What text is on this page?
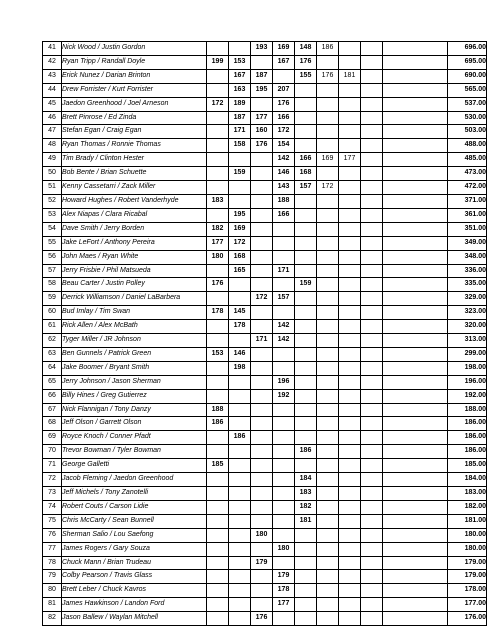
41	Nick Wood / Justin Gordon			193	169	148	186				696.00
42	Ryan Tripp / Randall Doyle	199	153		167	176					695.00
43	Erick Nunez / Darian Brinton		167	187		155	176	181			690.00
44	Drew Forrister / Kurt Forrister		163	195	207						565.00
45	Jaedon Greenhood / Joel Arneson	172	189		176						537.00
46	Brett Pinrose / Ed Zinda		187	177	166						530.00
47	Stefan Egan / Craig Egan		171	160	172						503.00
48	Ryan Thomas / Ronnie Thomas		158	176	154						488.00
49	Tim Brady / Clinton Hester				142	166	169	177			485.00
50	Bob Bente / Brian Schuette		159		146	168					473.00
51	Kenny Cassetarri / Zack Miller				143	157	172				472.00
52	Howard Hughes / Robert Vanderhyde	183			188						371.00
53	Alex Niapas / Clara Ricabal		195		166						361.00
54	Dave Smith / Jerry Borden	182	169								351.00
55	Jake LeFort / Anthony Pereira	177	172								349.00
56	John Maes / Ryan White	180	168								348.00
57	Jerry Frisbie / Phil Matsueda		165		171						336.00
58	Beau Carter / Justin Polley	176				159					335.00
59	Derrick Williamson / Daniel LaBarbera			172	157						329.00
60	Bud Imlay / Tim Swan	178	145								323.00
61	Rick Allen / Alex McBath		178		142						320.00
62	Tyger Miller / JR Johnson			171	142						313.00
63	Ben Gunnels / Patrick Green	153	146								299.00
64	Jake Boomer / Bryant Smith		198								198.00
65	Jerry Johnson / Jason Sherman				196						196.00
66	Billy Hines / Greg Gutierrez				192						192.00
67	Nick Flannigan / Tony Danzy	188									188.00
68	Jeff Olson / Garrett Olson	186									186.00
69	Royce Knoch / Conner Pfadt		186								186.00
70	Trevor Bowman / Tyler Bowman					186					186.00
71	George Galletti	185									185.00
72	Jacob Fleming / Jaedon Greenhood					184					184.00
73	Jeff Michels / Tony Zanotelli					183					183.00
74	Robert Couts / Carson Lidie					182					182.00
75	Chris McCarty / Sean Bunnell					181					181.00
76	Sherman Salio / Lou Saefong			180							180.00
77	James Rogers / Gary Souza				180						180.00
78	Chuck Mann / Brian Trudeau			179							179.00
79	Colby Pearson / Travis Glass				179						179.00
80	Brett Leber / Chuck Kavros				178						178.00
81	James Hawkinson / Landon Ford				177						177.00
82	Jason Ballew / Waylan Mitchell			176							176.00
